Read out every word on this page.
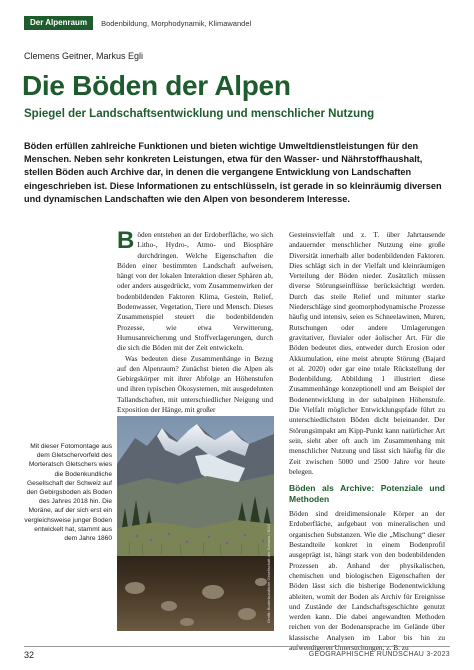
Der Alpenraum	Bodenbildung, Morphodynamik, Klimawandel
Clemens Geitner, Markus Egli
Die Böden der Alpen
Spiegel der Landschaftsentwicklung und menschlicher Nutzung

Böden erfüllen zahlreiche Funktionen und bieten wichtige Umweltdienstleistungen für den Menschen. Neben sehr konkreten Leistungen, etwa für den Wasser- und Nährstoffhaushalt, stellen Böden auch Archive dar, in denen die vergangene Entwicklung von Landschaften eingeschrieben ist. Diese Informationen zu entschlüsseln, ist gerade in so kleinräumig diversen und dynamischen Landschaften wie den Alpen von besonderem Interesse.

Böden entstehen an der Erdoberfläche, wo sich Litho-, Hydro-, Atmo- und Biosphäre durchdringen. Welche Eigenschaften die Böden einer bestimmten Landschaft aufweisen, hängt von der lokalen Interaktion dieser Sphären ab, oder anders ausgedrückt, vom Zusammenwirken der bodenbildenden Faktoren Klima, Gestein, Relief, Bodenwasser, Vegetation, Tiere und Mensch. Dieses Zusammenspiel steuert die bodenbildenden Prozesse, wie etwa Verwitterung, Humusanreicherung und Stoffverlagerungen, durch die sich die Böden mit der Zeit entwickeln.

Was bedeuten diese Zusammenhänge in Bezug auf den Alpenraum? Zunächst bieten die Alpen als Gebirgskörper mit ihrer Abfolge an Höhenstufen und ihren typischen Ökosystemen, mit ausgedehnten Tallandschaften, mit unterschiedlicher Neigung und Exposition der Hänge, mit großer

Gesteinsvielfalt und z. T. über Jahrtausende andauernder menschlicher Nutzung eine große Diversität innerhalb aller bodenbildenden Faktoren. Dies schlägt sich in der Vielfalt und kleinräumigen Verteilung der Böden nieder. Zusätzlich müssen diverse Störungseinflüsse berücksichtigt werden. Durch das steile Relief und mitunter starke Niederschläge sind geomorphodynamische Prozesse häufig und intensiv, seien es Schneelawinen, Muren, Rutschungen oder andere Umlagerungen gravitativer, fluvialer oder äolischer Art. Für die Böden bedeutet dies, entweder durch Erosion oder Akkumulation, eine meist abrupte Störung (Bajard et al. 2020) oder gar eine totale Rückstellung der Bodenbildung. Abbildung 1 illustriert diese Zusammenhänge konzeptionell und am Beispiel der Bodenentwicklung in der subalpinen Höhenstufe. Die Vielfalt möglicher Entwicklungspfade führt zu unterschiedlichsten Böden dicht beieinander. Der Störungsimpakt am Kipp-Punkt kann natürlicher Art sein, sieht aber oft auch im Zusammenhang mit menschlicher Nutzung und lässt sich häufig für die Zeit zwischen 5000 und 2500 Jahre vor heute belegen.

Böden als Archive: Potenziale und Methoden

Böden sind dreidimensionale Körper an der Erdoberfläche, aufgebaut von mineralischen und organischen Substanzen. Wie die „Mischung“ dieser Bestandteile konkret in einem Bodenprofil ausgeprägt ist, hängt stark von den bodenbildenden Prozessen ab. Anhand der physikalischen, chemischen und biologischen Eigenschaften der Böden lässt sich die bisherige Bodenentwicklung ableiten, womit der Boden als Archiv für Ereignisse und Zustände der Landschaftsgeschichte genutzt werden kann. Die dabei angewandten Methoden reichen von der Bodenansprache im Gelände über klassische Analysen im Labor bis hin zu aufwendigeren Untersuchungen, z. B. zu

Mit dieser Fotomontage aus dem Gletschervorfeld des Morteratsch Gletschers wies die Bodenkundliche Gesellschaft der Schweiz auf den Gebirgsboden als Boden des Jahres 2018 hin. Die Moräne, auf der sich erst ein vergleichsweise junger Boden entwickelt hat, stammt aus dem Jahre 1860	Grafik: Bodenkundliche Gesellschaft der Schweiz / BGS
32	GEOGRAPHISCHE RUNDSCHAU 3-2023
